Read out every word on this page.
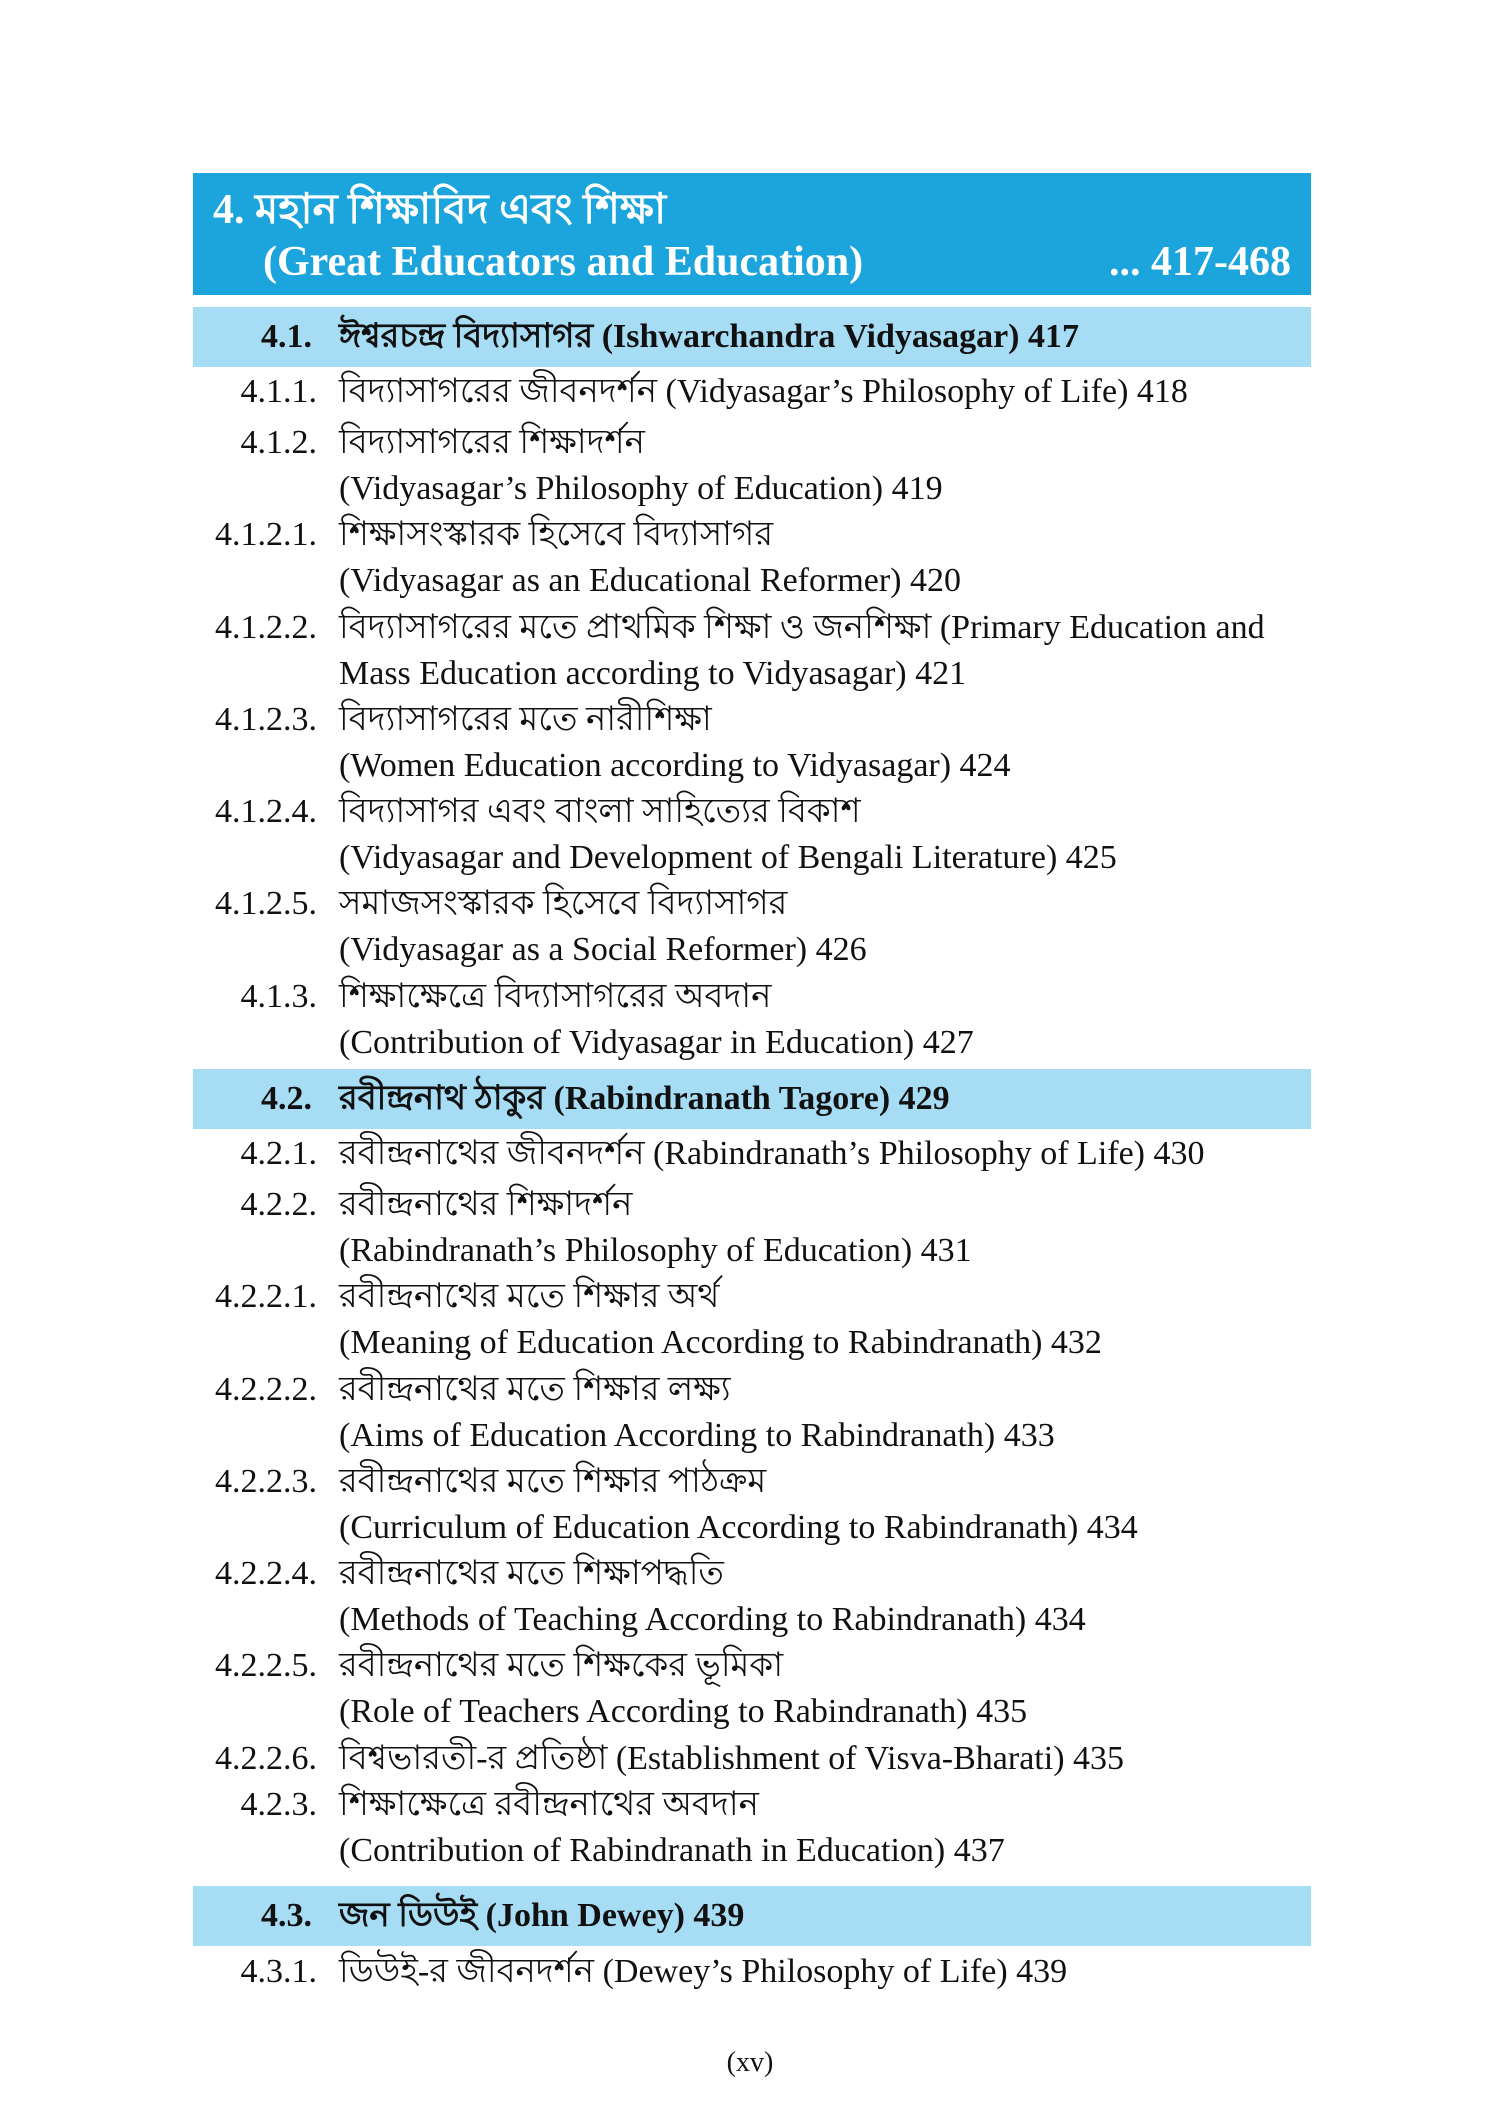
4. মহান শিক্ষাবিদ এবং শিক্ষা
(Great Educators and Education)	... 417-468
4.1. ঈশ্বরচন্দ্র বিদ্যাসাগর (Ishwarchandra Vidyasagar) 417
4.1.1. বিদ্যাসাগরের জীবনদর্শন (Vidyasagar’s Philosophy of Life) 418
4.1.2. বিদ্যাসাগরের শিক্ষাদর্শন
(Vidyasagar’s Philosophy of Education) 419
4.1.2.1. শিক্ষাসংস্কারক হিসেবে বিদ্যাসাগর
(Vidyasagar as an Educational Reformer) 420
4.1.2.2. বিদ্যাসাগরের মতে প্রাথমিক শিক্ষা ও জনশিক্ষা (Primary Education and
Mass Education according to Vidyasagar) 421
4.1.2.3. বিদ্যাসাগরের মতে নারীশিক্ষা
(Women Education according to Vidyasagar) 424
4.1.2.4. বিদ্যাসাগর এবং বাংলা সাহিত্যের বিকাশ
(Vidyasagar and Development of Bengali Literature) 425
4.1.2.5. সমাজসংস্কারক হিসেবে বিদ্যাসাগর
(Vidyasagar as a Social Reformer) 426
4.1.3. শিক্ষাক্ষেত্রে বিদ্যাসাগরের অবদান
(Contribution of Vidyasagar in Education) 427
4.2. রবীন্দ্রনাথ ঠাকুর (Rabindranath Tagore) 429
4.2.1. রবীন্দ্রনাথের জীবনদর্শন (Rabindranath’s Philosophy of Life) 430
4.2.2. রবীন্দ্রনাথের শিক্ষাদর্শন
(Rabindranath’s Philosophy of Education) 431
4.2.2.1. রবীন্দ্রনাথের মতে শিক্ষার অর্থ
(Meaning of Education According to Rabindranath) 432
4.2.2.2. রবীন্দ্রনাথের মতে শিক্ষার লক্ষ্য
(Aims of Education According to Rabindranath) 433
4.2.2.3. রবীন্দ্রনাথের মতে শিক্ষার পাঠক্রম
(Curriculum of Education According to Rabindranath) 434
4.2.2.4. রবীন্দ্রনাথের মতে শিক্ষাপদ্ধতি
(Methods of Teaching According to Rabindranath) 434
4.2.2.5. রবীন্দ্রনাথের মতে শিক্ষকের ভূমিকা
(Role of Teachers According to Rabindranath) 435
4.2.2.6. বিশ্বভারতী-র প্রতিষ্ঠা (Establishment of Visva-Bharati) 435
4.2.3. শিক্ষাক্ষেত্রে রবীন্দ্রনাথের অবদান
(Contribution of Rabindranath in Education) 437
4.3. জন ডিউই (John Dewey) 439
4.3.1. ডিউই-র জীবনদর্শন (Dewey’s Philosophy of Life) 439
(xv)
